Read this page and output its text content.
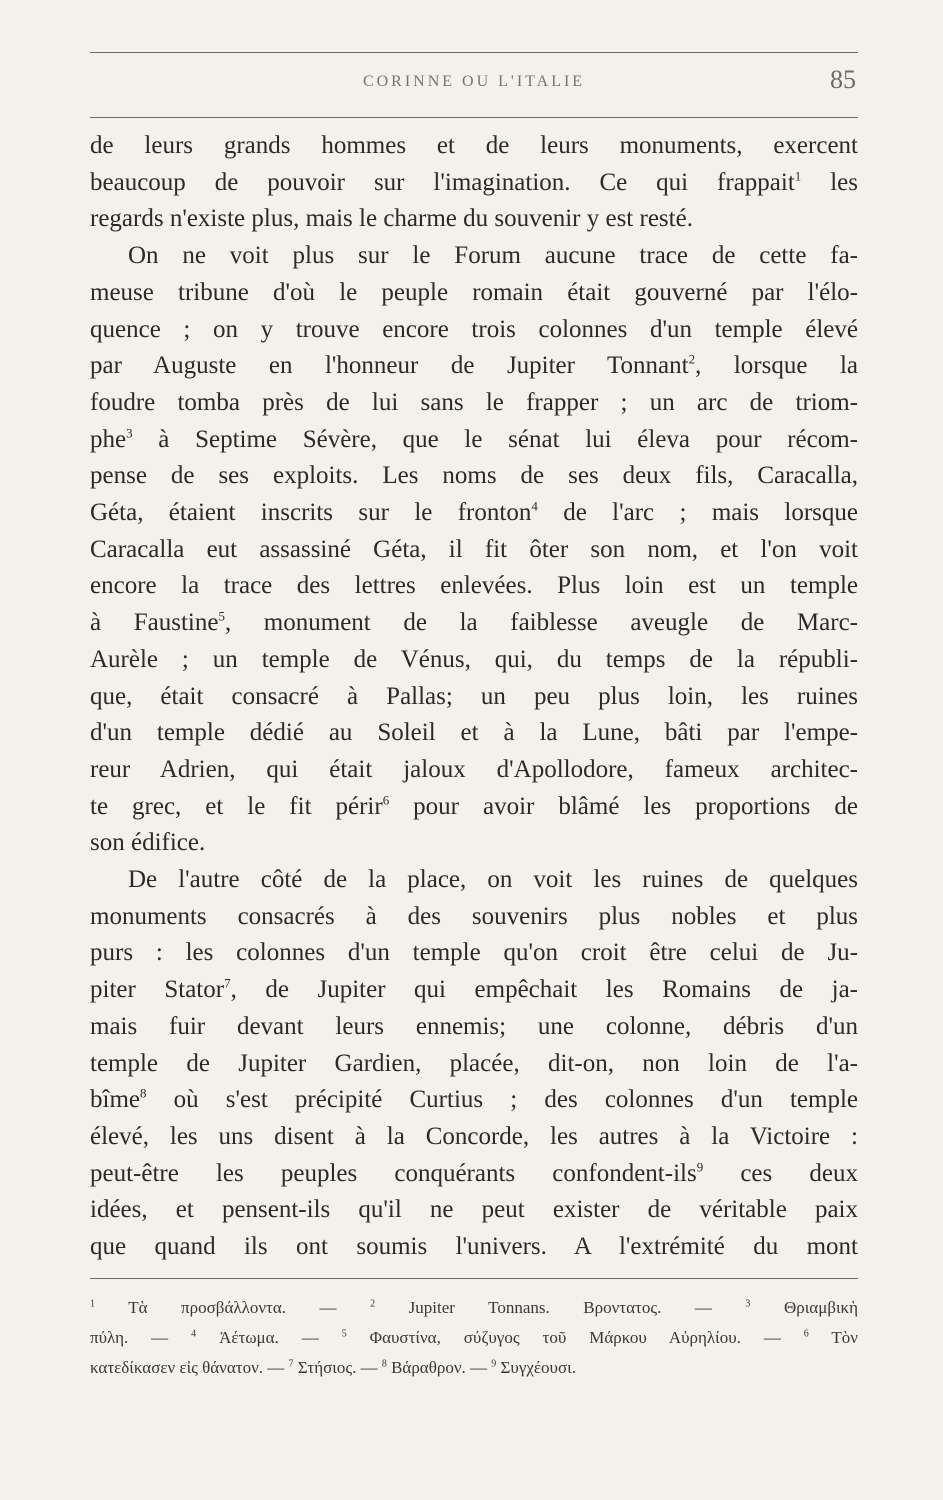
CORINNE OU L'ITALIE	85

de leurs grands hommes et de leurs monuments, exercent

beaucoup de pouvoir sur l'imagination. Ce qui frappait$^1$ les

regards n'existe plus, mais le charme du souvenir y est resté.

On ne voit plus sur le Forum aucune trace de cette fa-

meuse tribune d'où le peuple romain était gouverné par l'élo-

quence ; on y trouve encore trois colonnes d'un temple élevé

par Auguste en l'honneur de Jupiter Tonnant$^2$, lorsque la

foudre tomba près de lui sans le frapper ; un arc de triom-

phe$^3$ à Septime Sévère, que le sénat lui éleva pour récom-

pense de ses exploits. Les noms de ses deux fils, Caracalla,

Géta, étaient inscrits sur le fronton$^4$ de l'arc ; mais lorsque

Caracalla eut assassiné Géta, il fit ôter son nom, et l'on voit

encore la trace des lettres enlevées. Plus loin est un temple

à Faustine$^5$, monument de la faiblesse aveugle de Marc-

Aurèle ; un temple de Vénus, qui, du temps de la républi-

que, était consacré à Pallas; un peu plus loin, les ruines

d'un temple dédié au Soleil et à la Lune, bâti par l'empe-

reur Adrien, qui était jaloux d'Apollodore, fameux architec-

te grec, et le fit périr$^6$ pour avoir blâmé les proportions de

son édifice.

De l'autre côté de la place, on voit les ruines de quelques

monuments consacrés à des souvenirs plus nobles et plus

purs : les colonnes d'un temple qu'on croit être celui de Ju-

piter Stator$^7$, de Jupiter qui empêchait les Romains de ja-

mais fuir devant leurs ennemis; une colonne, débris d'un

temple de Jupiter Gardien, placée, dit-on, non loin de l'a-

bîme$^8$ où s'est précipité Curtius ; des colonnes d'un temple

élevé, les uns disent à la Concorde, les autres à la Victoire :

peut-être les peuples conquérants confondent-ils$^9$ ces deux

idées, et pensent-ils qu'il ne peut exister de véritable paix

que quand ils ont soumis l'univers. A l'extrémité du mont

$^1$ Τὰ προσβάλλοντα. — $^2$ Jupiter Tonnans. Βροντατος. — $^3$ Θριαμβικὴ

πύλη. — $^4$ Ἀέτωμα. — $^5$ Φαυστίνα, σύζυγος τοῦ Μάρκου Αὐρηλίου. — $^6$ Τὸν

κατεδίκασεν εἰς θάνατον. — $^7$ Στήσιος. — $^8$ Βάραθρον. — $^9$ Συγχέουσι.
